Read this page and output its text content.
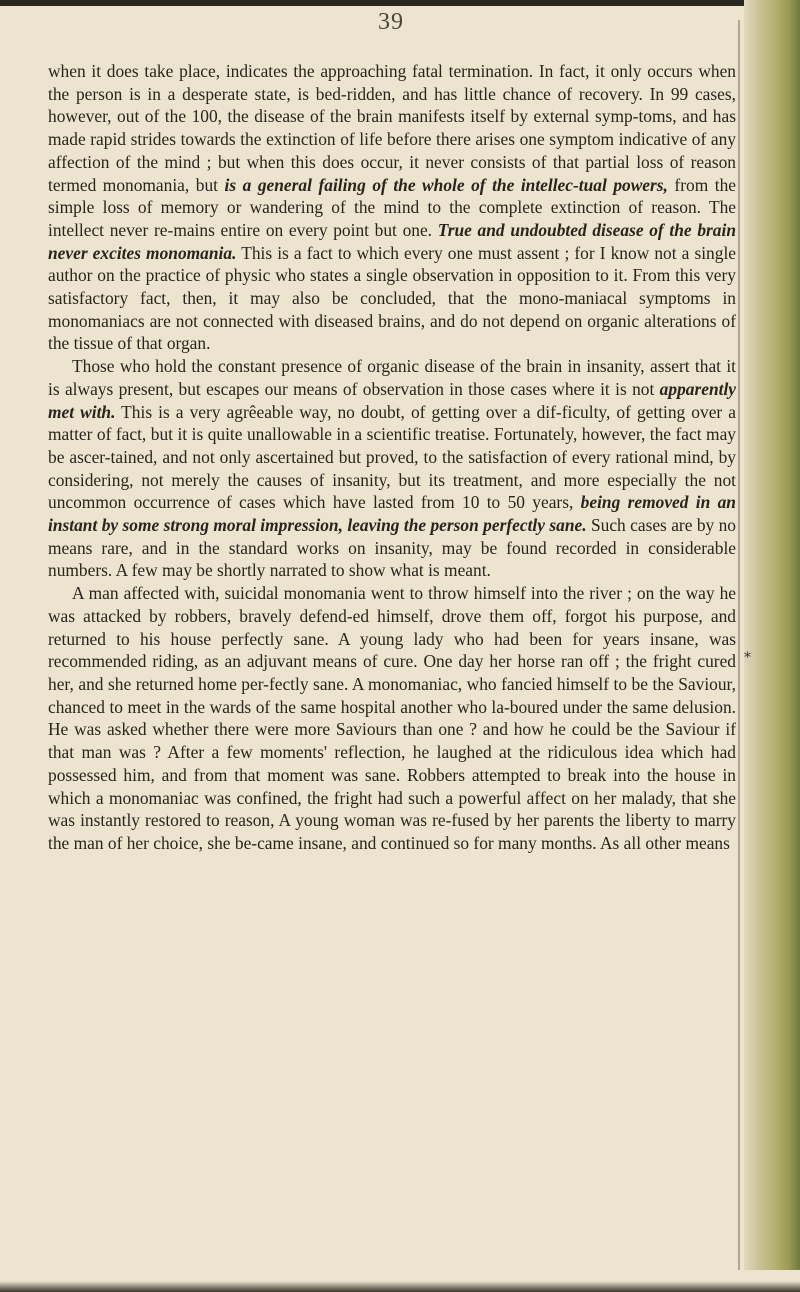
39

when it does take place, indicates the approaching fatal termination. In fact, it only occurs when the person is in a desperate state, is bed-ridden, and has little chance of recovery. In 99 cases, however, out of the 100, the disease of the brain manifests itself by external symp-toms, and has made rapid strides towards the extinction of life before there arises one symptom indicative of any affection of the mind ; but when this does occur, it never consists of that partial loss of reason termed monomania, but is a general failing of the whole of the intellec-tual powers, from the simple loss of memory or wandering of the mind to the complete extinction of reason. The intellect never re-mains entire on every point but one. True and undoubted disease of the brain never excites monomania. This is a fact to which every one must assent ; for I know not a single author on the practice of physic who states a single observation in opposition to it. From this very satisfactory fact, then, it may also be concluded, that the mono-maniacal symptoms in monomaniacs are not connected with diseased brains, and do not depend on organic alterations of the tissue of that organ.

Those who hold the constant presence of organic disease of the brain in insanity, assert that it is always present, but escapes our means of observation in those cases where it is not apparently met with. This is a very agrêeable way, no doubt, of getting over a dif-ficulty, of getting over a matter of fact, but it is quite unallowable in a scientific treatise. Fortunately, however, the fact may be ascer-tained, and not only ascertained but proved, to the satisfaction of every rational mind, by considering, not merely the causes of insanity, but its treatment, and more especially the not uncommon occurrence of cases which have lasted from 10 to 50 years, being removed in an instant by some strong moral impression, leaving the person perfectly sane. Such cases are by no means rare, and in the standard works on insanity, may be found recorded in considerable numbers. A few may be shortly narrated to show what is meant.

A man affected with, suicidal monomania went to throw himself into the river ; on the way he was attacked by robbers, bravely defend-ed himself, drove them off, forgot his purpose, and returned to his house perfectly sane. A young lady who had been for years insane, was recommended riding, as an adjuvant means of cure. One day her horse ran off ; the fright cured her, and she returned home per-fectly sane. A monomaniac, who fancied himself to be the Saviour, chanced to meet in the wards of the same hospital another who la-boured under the same delusion. He was asked whether there were more Saviours than one ? and how he could be the Saviour if that man was ? After a few moments' reflection, he laughed at the ridiculous idea which had possessed him, and from that moment was sane. Robbers attempted to break into the house in which a monomaniac was confined, the fright had such a powerful affect on her malady, that she was instantly restored to reason, A young woman was re-fused by her parents the liberty to marry the man of her choice, she be-came insane, and continued so for many months. As all other means

*
